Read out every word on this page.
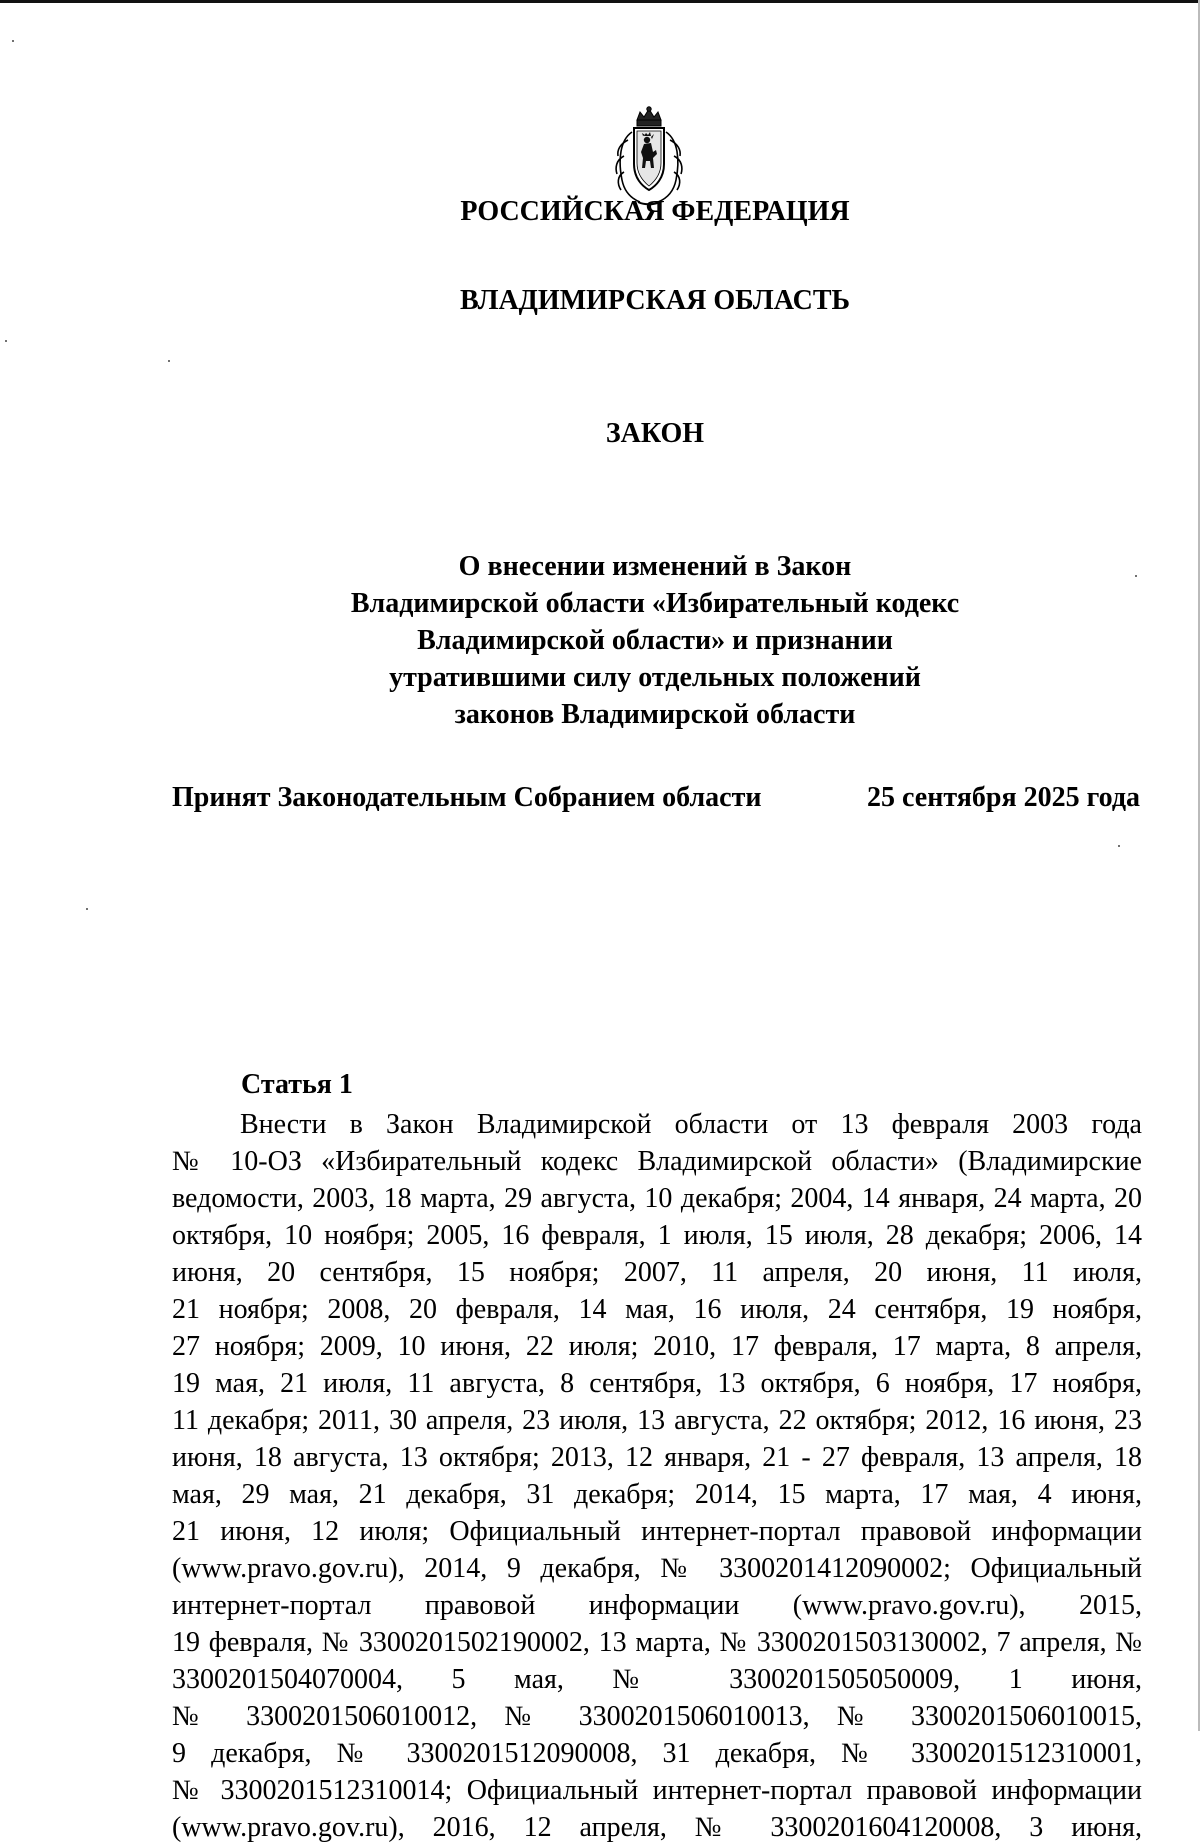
РОССИЙСКАЯ ФЕДЕРАЦИЯ
ВЛАДИМИРСКАЯ ОБЛАСТЬ
ЗАКОН
О внесении изменений в Закон
Владимирской области «Избирательный кодекс
Владимирской области» и признании
утратившими силу отдельных положений
законов Владимирской области
Принят Законодательным Собранием области	25 сентября 2025 года
Статья 1
Внести в Закон Владимирской области от 13 февраля 2003 года
№ 10-ОЗ «Избирательный кодекс Владимирской области» (Владимирские
ведомости, 2003, 18 марта, 29 августа, 10 декабря; 2004, 14 января, 24 марта, 20
октября, 10 ноября; 2005, 16 февраля, 1 июля, 15 июля, 28 декабря; 2006, 14
июня, 20 сентября, 15 ноября; 2007, 11 апреля, 20 июня, 11 июля,
21 ноября; 2008, 20 февраля, 14 мая, 16 июля, 24 сентября, 19 ноября,
27 ноября; 2009, 10 июня, 22 июля; 2010, 17 февраля, 17 марта, 8 апреля,
19 мая, 21 июля, 11 августа, 8 сентября, 13 октября, 6 ноября, 17 ноября,
11 декабря; 2011, 30 апреля, 23 июля, 13 августа, 22 октября; 2012, 16 июня, 23
июня, 18 августа, 13 октября; 2013, 12 января, 21 - 27 февраля, 13 апреля, 18
мая, 29 мая, 21 декабря, 31 декабря; 2014, 15 марта, 17 мая, 4 июня,
21 июня, 12 июля; Официальный интернет-портал правовой информации
(www.pravo.gov.ru), 2014, 9 декабря, № 3300201412090002; Официальный
интернет-портал правовой информации (www.pravo.gov.ru), 2015,
19 февраля, № 3300201502190002, 13 марта, № 3300201503130002, 7 апреля, №
3300201504070004, 5 мая, № 3300201505050009, 1 июня,
№ 3300201506010012, № 3300201506010013, № 3300201506010015,
9 декабря, № 3300201512090008, 31 декабря, № 3300201512310001,
№ 3300201512310014; Официальный интернет-портал правовой информации
(www.pravo.gov.ru), 2016, 12 апреля, № 3300201604120008, 3 июня,
